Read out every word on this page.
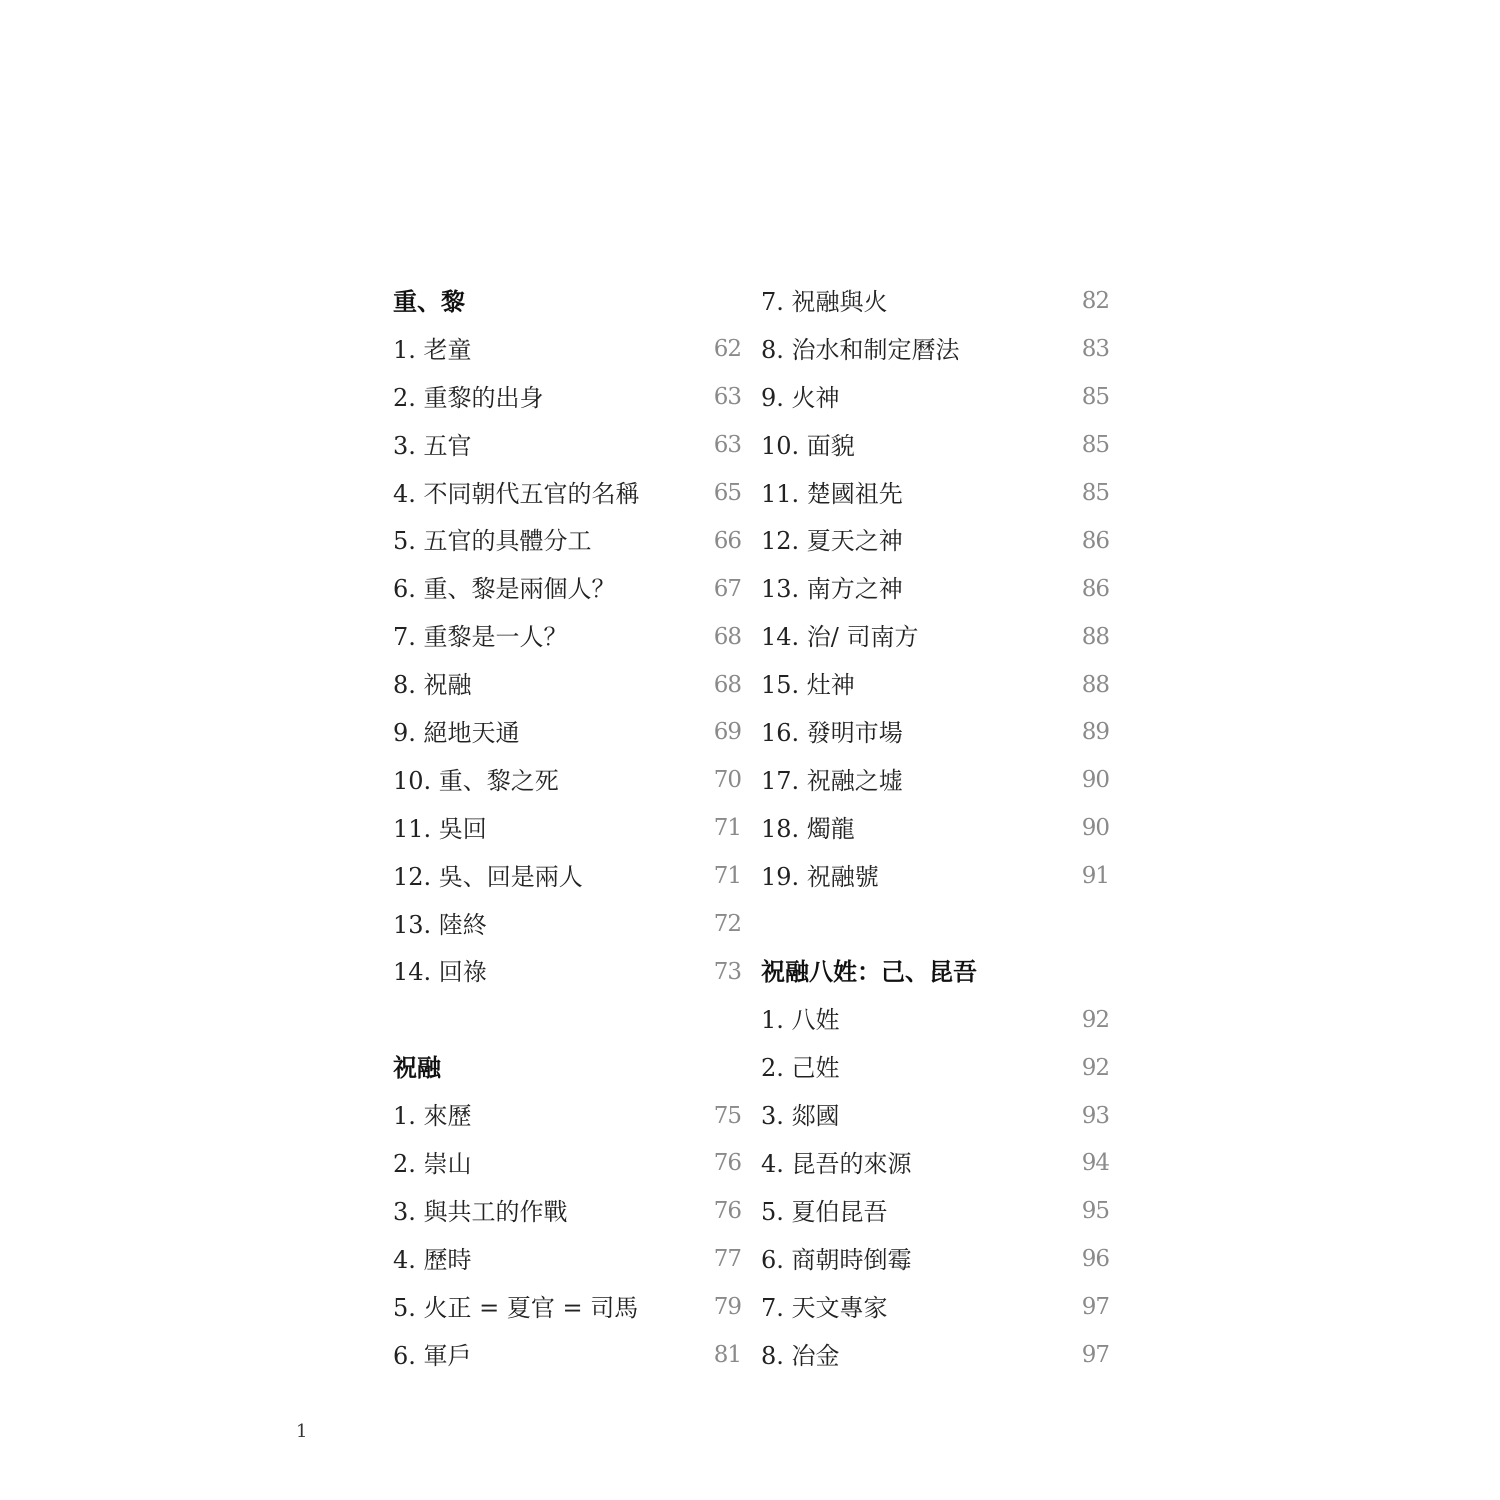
重、黎
1. 老童	62
2. 重黎的出身	63
3. 五官	63
4. 不同朝代五官的名稱	65
5. 五官的具體分工	66
6. 重、黎是兩個人？	67
7. 重黎是一人？	68
8. 祝融	68
9. 絕地天通	69
10. 重、黎之死	70
11. 吳回	71
12. 吳、回是兩人	71
13. 陸終	72
14. 回祿	73
祝融
1. 來歷	75
2. 崇山	76
3. 與共工的作戰	76
4. 歷時	77
5. 火正 = 夏官 = 司馬	79
6. 軍戶	81
7. 祝融與火	82
8. 治水和制定曆法	83
9. 火神	85
10. 面貌	85
11. 楚國祖先	85
12. 夏天之神	86
13. 南方之神	86
14. 治/ 司南方	88
15. 灶神	88
16. 發明市場	89
17. 祝融之墟	90
18. 燭龍	90
19. 祝融號	91
祝融八姓：己、昆吾
1. 八姓	92
2. 己姓	92
3. 郯國	93
4. 昆吾的來源	94
5. 夏伯昆吾	95
6. 商朝時倒霉	96
7. 天文專家	97
8. 冶金	97
1
